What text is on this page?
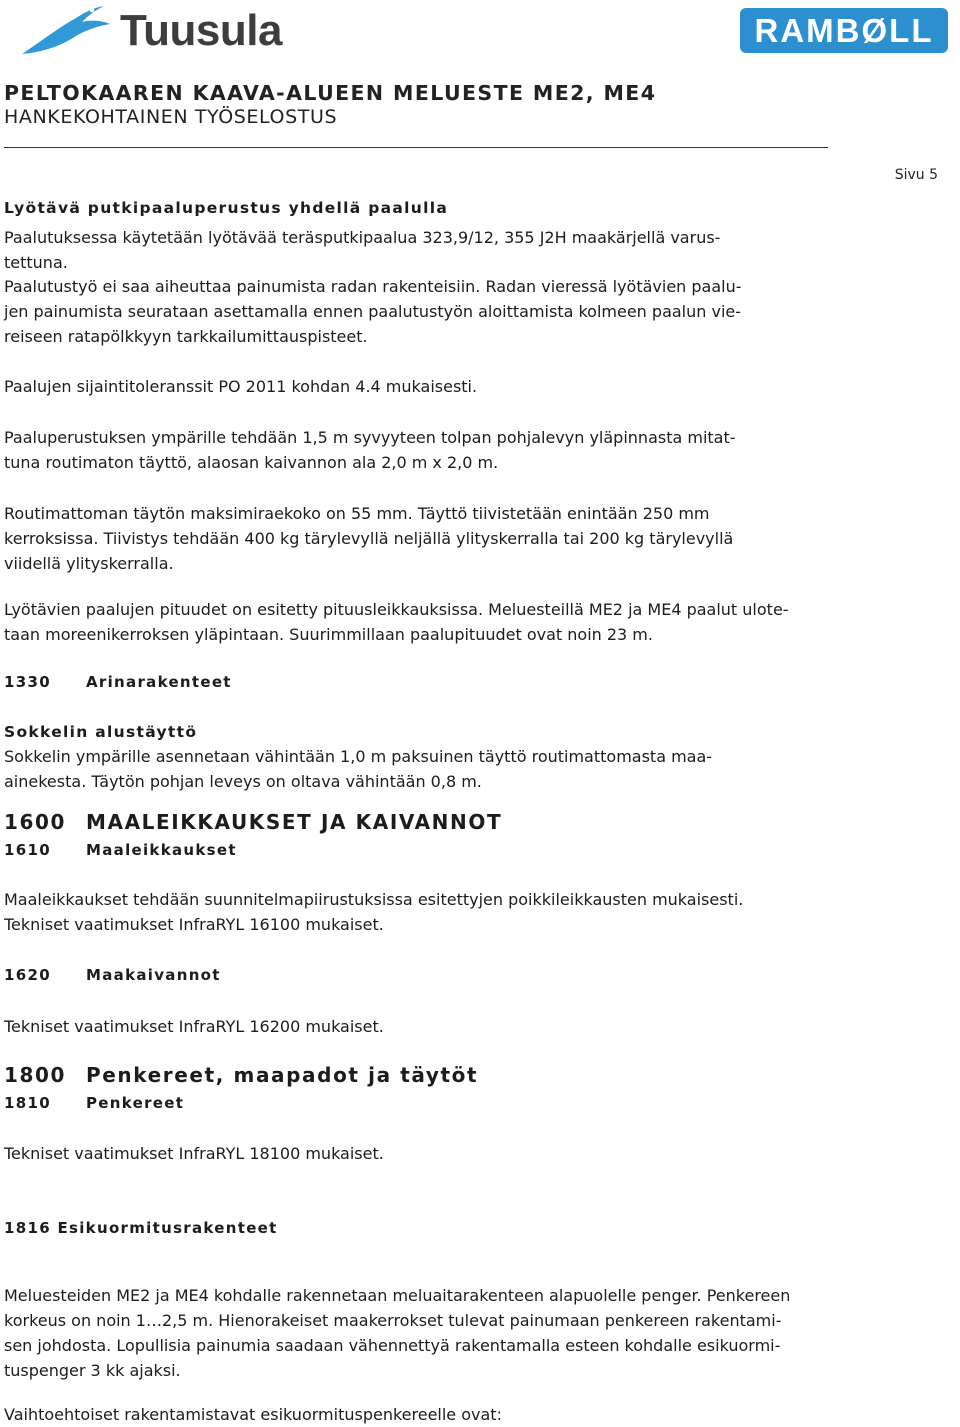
Tuusula	RAMBØLL
PELTOKAAREN KAAVA-ALUEEN MELUESTE ME2, ME4
HANKEKOHTAINEN TYÖSELOSTUS
Sivu 5
Lyötävä putkipaaluperustus yhdellä paalulla
Paalutuksessa käytetään lyötävää teräsputkipaalua 323,9/12, 355 J2H maakärjellä varus-
tettuna.
Paalutustyö ei saa aiheuttaa painumista radan rakenteisiin. Radan vieressä lyötävien paalu-
jen painumista seurataan asettamalla ennen paalutustyön aloittamista kolmeen paalun vie-
reiseen ratapölkkyyn tarkkailumittauspisteet.
Paalujen sijaintitoleranssit PO 2011 kohdan 4.4 mukaisesti.
Paaluperustuksen ympärille tehdään 1,5 m syvyyteen tolpan pohjalevyn yläpinnasta mitat-
tuna routimaton täyttö, alaosan kaivannon ala 2,0 m x 2,0 m.
Routimattoman täytön maksimiraekoko on 55 mm. Täyttö tiivistetään enintään 250 mm
kerroksissa. Tiivistys tehdään 400 kg tärylevyllä neljällä ylityskerralla tai 200 kg tärylevyllä
viidellä ylityskerralla.
Lyötävien paalujen pituudet on esitetty pituusleikkauksissa. Meluesteillä ME2 ja ME4 paalut ulote-
taan moreenikerroksen yläpintaan. Suurimmillaan paalupituudet ovat noin 23 m.
1330 Arinarakenteet
Sokkelin alustäyttö
Sokkelin ympärille asennetaan vähintään 1,0 m paksuinen täyttö routimattomasta maa-
ainekesta. Täytön pohjan leveys on oltava vähintään 0,8 m.
1600 MAALEIKKAUKSET JA KAIVANNOT
1610 Maaleikkaukset
Maaleikkaukset tehdään suunnitelmapiirustuksissa esitettyjen poikkileikkausten mukaisesti.
Tekniset vaatimukset InfraRYL 16100 mukaiset.
1620 Maakaivannot
Tekniset vaatimukset InfraRYL 16200 mukaiset.
1800 Penkereet, maapadot ja täytöt
1810 Penkereet
Tekniset vaatimukset InfraRYL 18100 mukaiset.
1816 Esikuormitusrakenteet
Meluesteiden ME2 ja ME4 kohdalle rakennetaan meluaitarakenteen alapuolelle penger. Penkereen
korkeus on noin 1…2,5 m. Hienorakeiset maakerrokset tulevat painumaan penkereen rakentami-
sen johdosta. Lopullisia painumia saadaan vähennettyä rakentamalla esteen kohdalle esikuormi-
tuspenger 3 kk ajaksi.
Vaihtoehtoiset rakentamistavat esikuormituspenkereelle ovat:
